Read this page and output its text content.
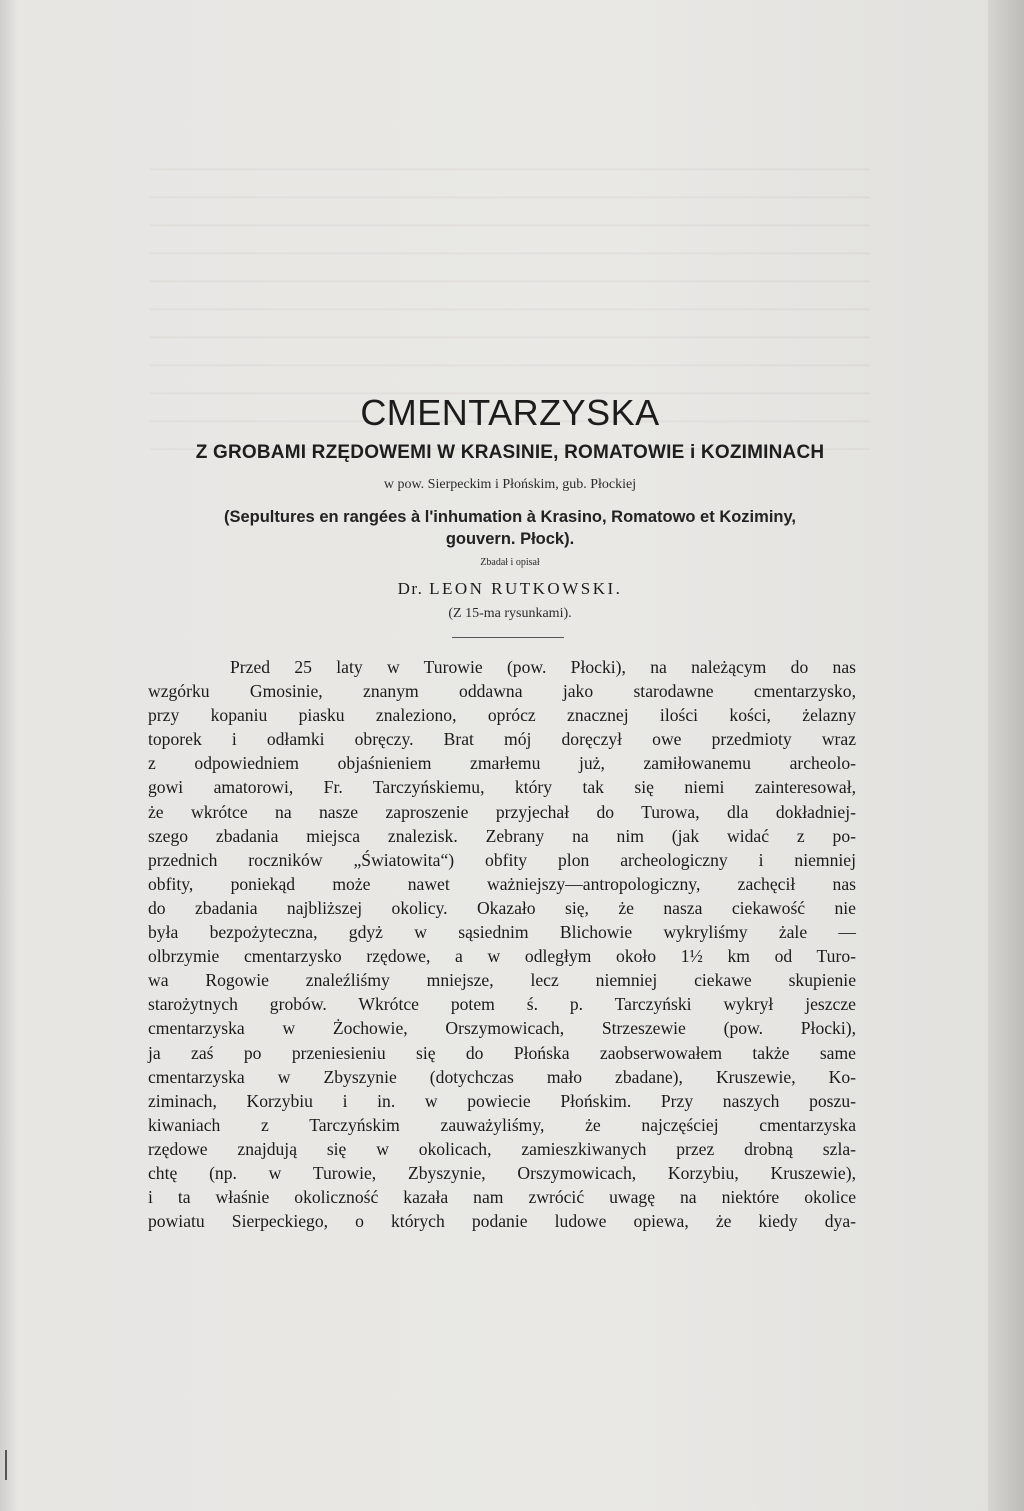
CMENTARZYSKA
Z GROBAMI RZĘDOWEMI W KRASINIE, ROMATOWIE i KOZIMINACH
w pow. Sierpeckim i Płońskim, gub. Płockiej
(Sepultures en rangées à l'inhumation à Krasino, Romatowo et Koziminy,
gouvern. Płock).
Zbadał i opisał
Dr. LEON RUTKOWSKI.
(Z 15-ma rysunkami).
Przed 25 laty w Turowie (pow. Płocki), na należącym do nas
wzgórku Gmosinie, znanym oddawna jako starodawne cmentarzysko,
przy kopaniu piasku znaleziono, oprócz znacznej ilości kości, żelazny
toporek i odłamki obręczy. Brat mój doręczył owe przedmioty wraz
z odpowiedniem objaśnieniem zmarłemu już, zamiłowanemu archeolo-
gowi amatorowi, Fr. Tarczyńskiemu, który tak się niemi zainteresował,
że wkrótce na nasze zaproszenie przyjechał do Turowa, dla dokładniej-
szego zbadania miejsca znalezisk. Zebrany na nim (jak widać z po-
przednich roczników „Światowita“) obfity plon archeologiczny i niemniej
obfity, poniekąd może nawet ważniejszy—antropologiczny, zachęcił nas
do zbadania najbliższej okolicy. Okazało się, że nasza ciekawość nie
była bezpożyteczna, gdyż w sąsiednim Blichowie wykryliśmy żale —
olbrzymie cmentarzysko rzędowe, a w odległym około 1½ km od Turo-
wa Rogowie znaleźliśmy mniejsze, lecz niemniej ciekawe skupienie
starożytnych grobów. Wkrótce potem ś. p. Tarczyński wykrył jeszcze
cmentarzyska w Żochowie, Orszymowicach, Strzeszewie (pow. Płocki),
ja zaś po przeniesieniu się do Płońska zaobserwowałem także same
cmentarzyska w Zbyszynie (dotychczas mało zbadane), Kruszewie, Ko-
ziminach, Korzybiu i in. w powiecie Płońskim. Przy naszych poszu-
kiwaniach z Tarczyńskim zauważyliśmy, że najczęściej cmentarzyska
rzędowe znajdują się w okolicach, zamieszkiwanych przez drobną szla-
chtę (np. w Turowie, Zbyszynie, Orszymowicach, Korzybiu, Kruszewie),
i ta właśnie okoliczność kazała nam zwrócić uwagę na niektóre okolice
powiatu Sierpeckiego, o których podanie ludowe opiewa, że kiedy dya-
